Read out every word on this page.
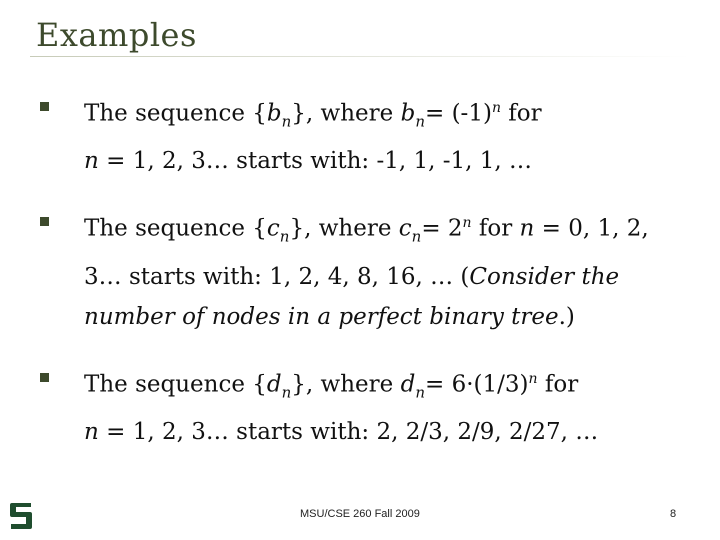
Examples
The sequence $\{b_n\}$, where $b_n= (-1)^n$ for
n = 1, 2, 3… starts with: -1, 1, -1, 1, …
The sequence $\{c_n\}$, where $c_n= 2^n$ for n = 0, 1, 2, 3… starts with: 1, 2, 4, 8, 16, … (Consider the number of nodes in a perfect binary tree.)
The sequence $\{d_n\}$, where $d_n= 6\cdot(1/3)^n$ for
n = 1, 2, 3… starts with: 2, 2/3, 2/9, 2/27, …
MSU/CSE 260 Fall 2009	8
